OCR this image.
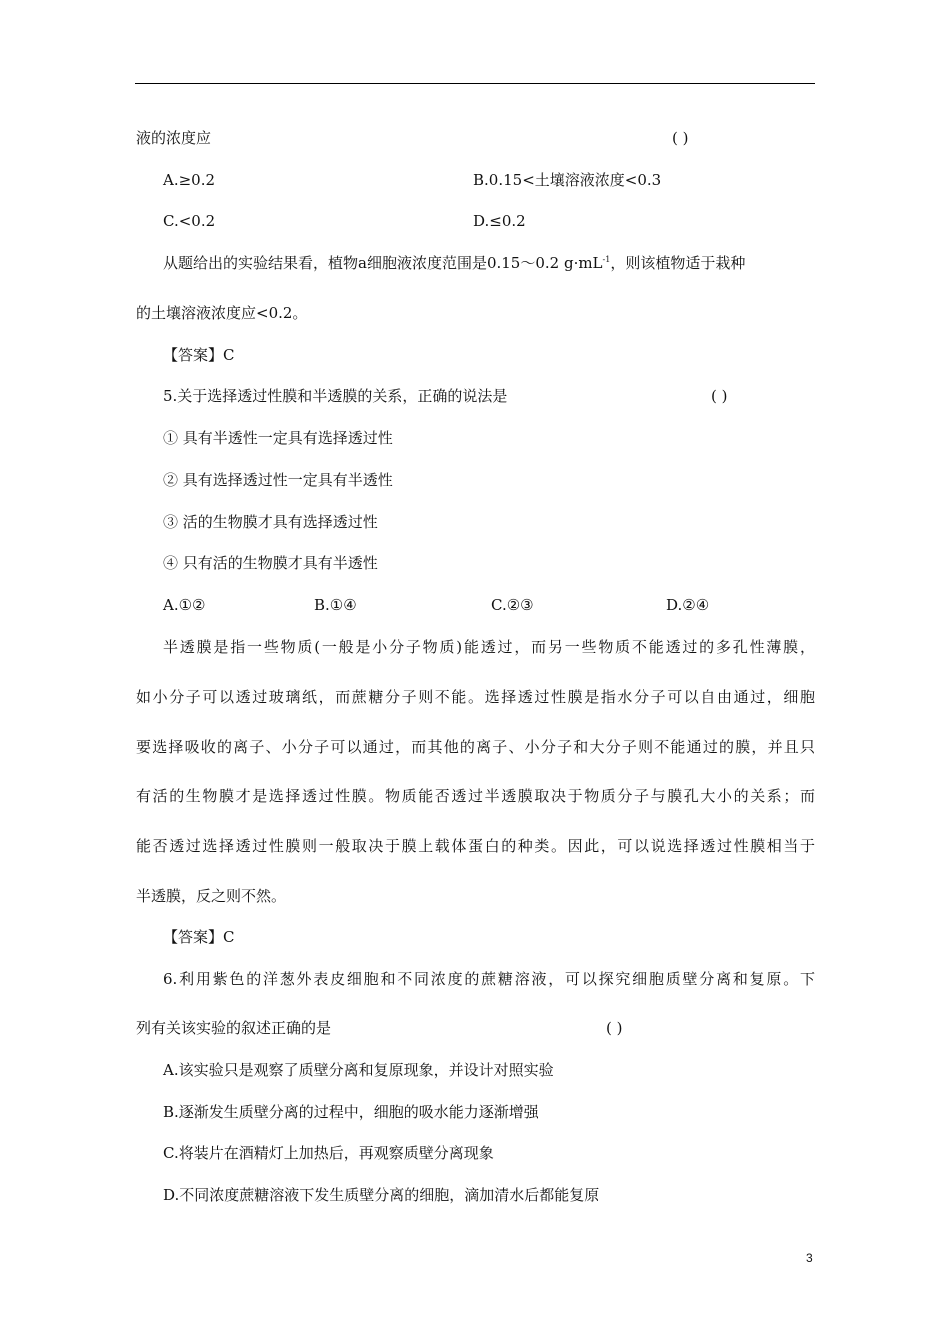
液的浓度应	( )
A.≥0.2	B.0.15<土壤溶液浓度<0.3
C.<0.2	D.≤0.2
从题给出的实验结果看，植物a细胞液浓度范围是0.15～0.2 $g\cdot mL^{-1}$，则该植物适于栽种
的土壤溶液浓度应<0.2。
【答案】C
5.关于选择透过性膜和半透膜的关系，正确的说法是	( )
① 具有半透性一定具有选择透过性
② 具有选择透过性一定具有半透性
③ 活的生物膜才具有选择透过性
④ 只有活的生物膜才具有半透性
A.①②	B.①④	C.②③	D.②④
半透膜是指一些物质(一般是小分子物质)能透过，而另一些物质不能透过的多孔性薄膜，
如小分子可以透过玻璃纸，而蔗糖分子则不能。选择透过性膜是指水分子可以自由通过，细胞
要选择吸收的离子、小分子可以通过，而其他的离子、小分子和大分子则不能通过的膜，并且只
有活的生物膜才是选择透过性膜。物质能否透过半透膜取决于物质分子与膜孔大小的关系；而
能否透过选择透过性膜则一般取决于膜上载体蛋白的种类。因此，可以说选择透过性膜相当于
半透膜，反之则不然。
【答案】C
6.利用紫色的洋葱外表皮细胞和不同浓度的蔗糖溶液，可以探究细胞质壁分离和复原。下
列有关该实验的叙述正确的是	( )
A.该实验只是观察了质壁分离和复原现象，并设计对照实验
B.逐渐发生质壁分离的过程中，细胞的吸水能力逐渐增强
C.将装片在酒精灯上加热后，再观察质壁分离现象
D.不同浓度蔗糖溶液下发生质壁分离的细胞，滴加清水后都能复原
3
